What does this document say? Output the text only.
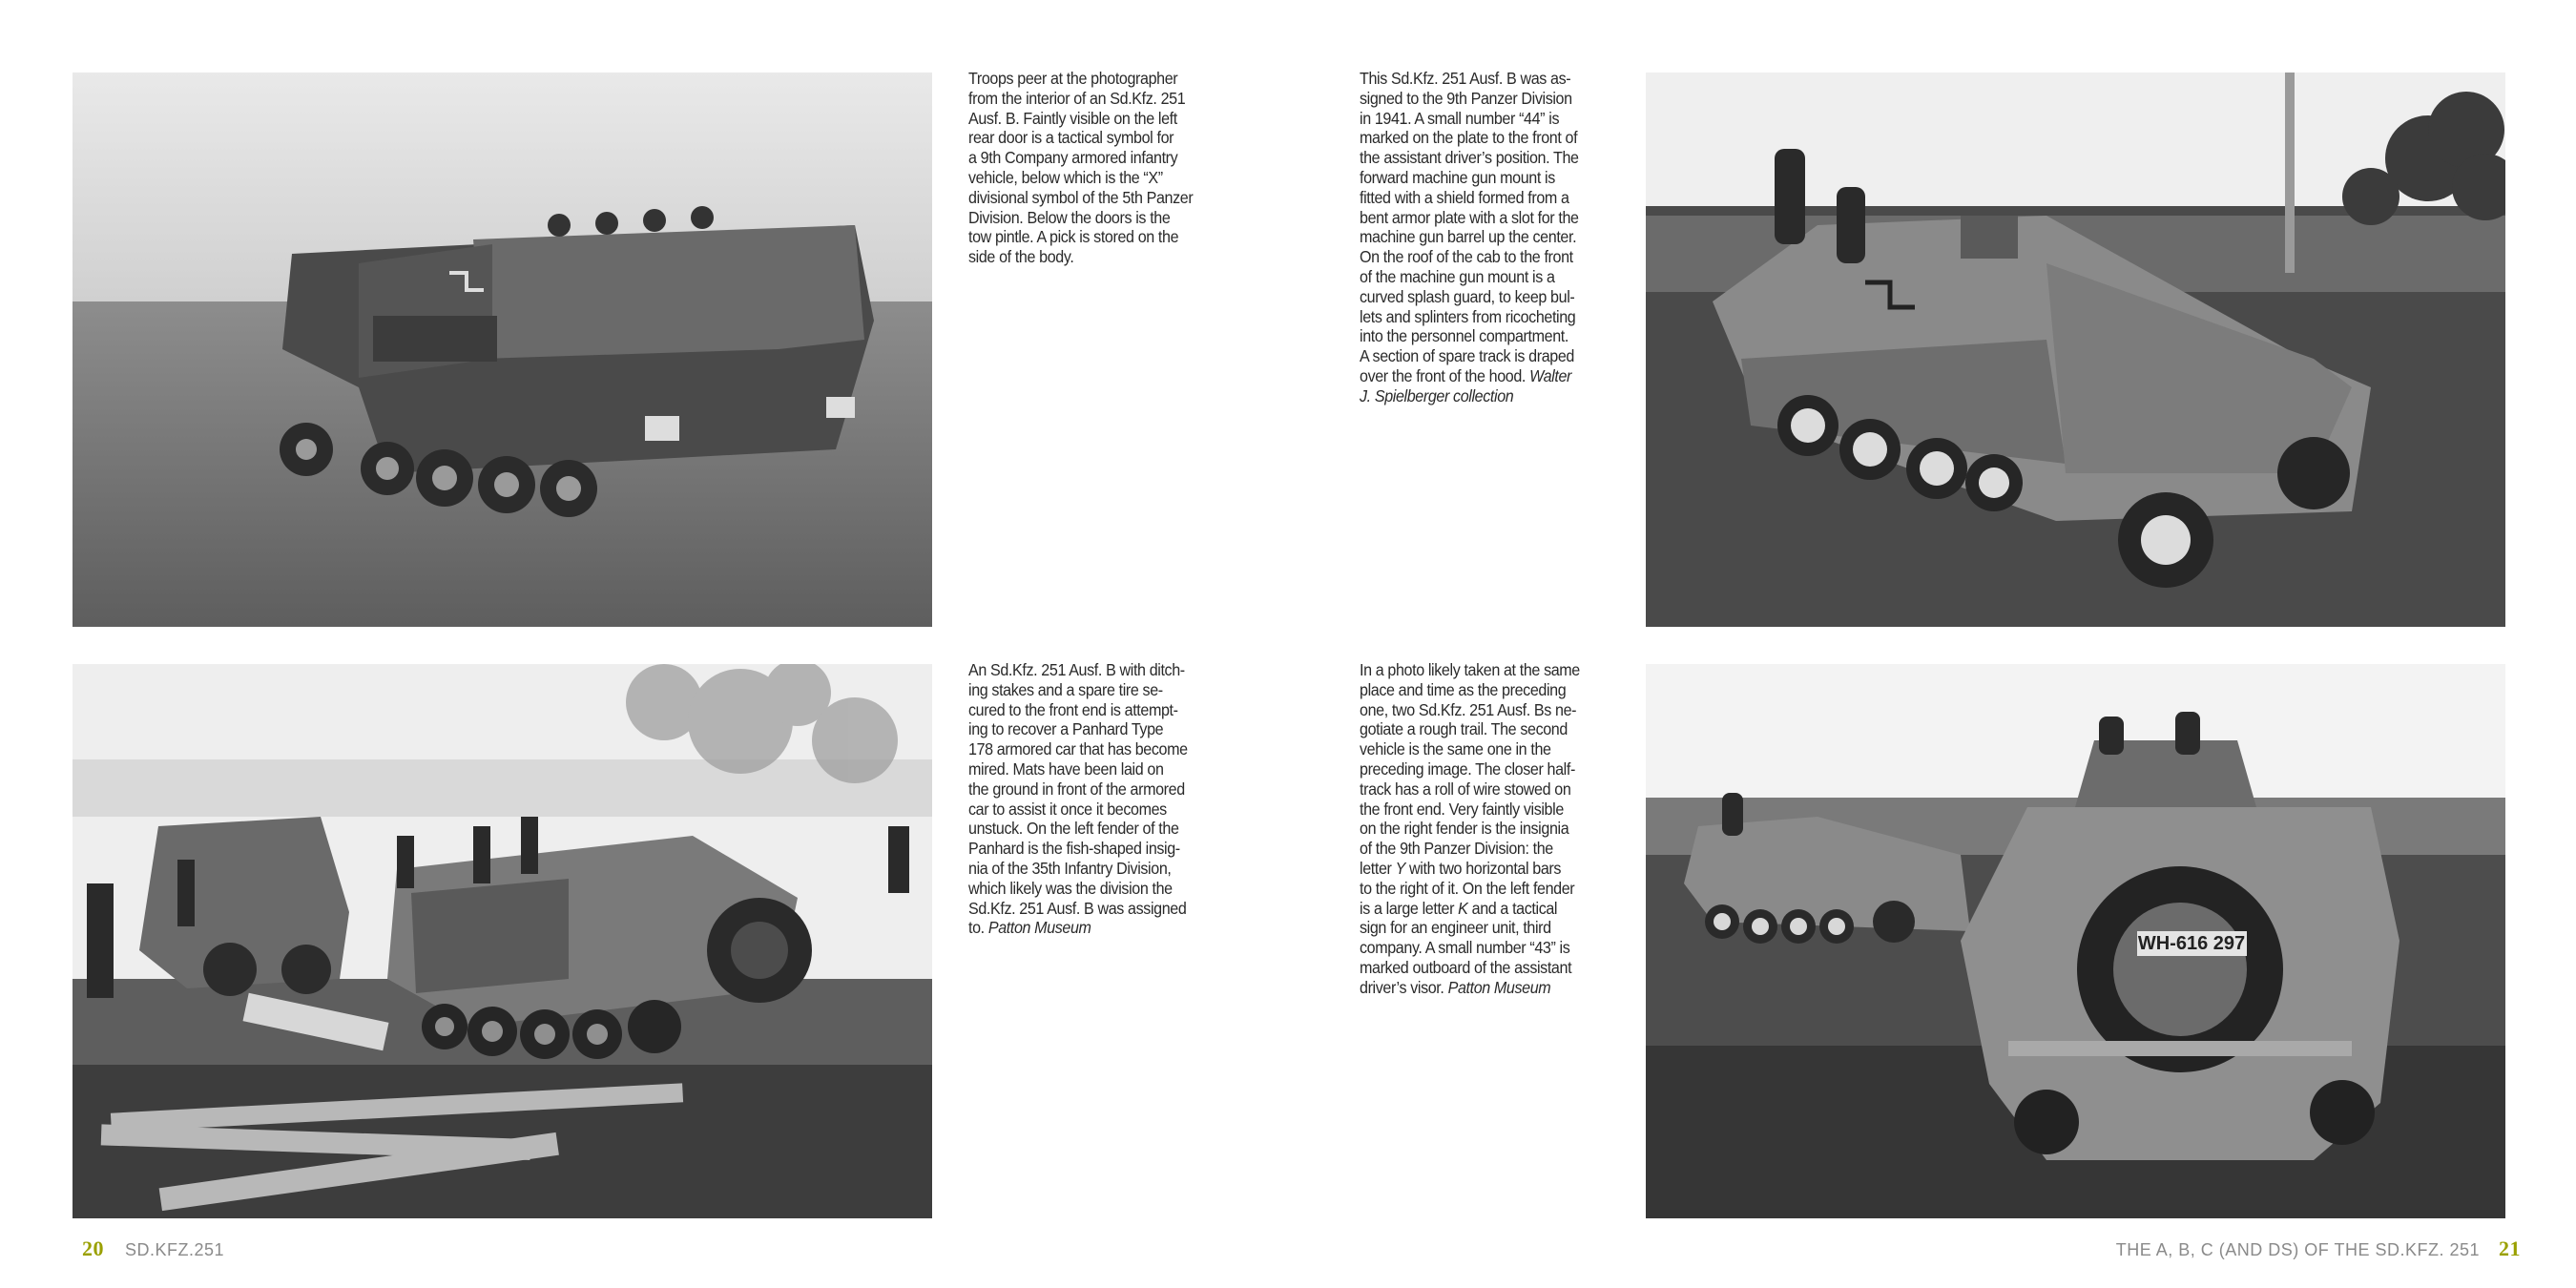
WH-616 297

Troops peer at the photographer

from the interior of an Sd.Kfz. 251

Ausf. B. Faintly visible on the left

rear door is a tactical symbol for

a 9th Company armored infantry

vehicle, below which is the “X”

divisional symbol of the 5th Panzer

Division. Below the doors is the

tow pintle. A pick is stored on the

side of the body.

An Sd.Kfz. 251 Ausf. B with ditch-

ing stakes and a spare tire se-

cured to the front end is attempt-

ing to recover a Panhard Type

178 armored car that has become

mired. Mats have been laid on

the ground in front of the armored

car to assist it once it becomes

unstuck. On the left fender of the

Panhard is the fish-shaped insig-

nia of the 35th Infantry Division,

which likely was the division the

Sd.Kfz. 251 Ausf. B was assigned

to. Patton Museum

This Sd.Kfz. 251 Ausf. B was as-

signed to the 9th Panzer Division

in 1941. A small number “44” is

marked on the plate to the front of

the assistant driver’s position. The

forward machine gun mount is

fitted with a shield formed from a

bent armor plate with a slot for the

machine gun barrel up the center.

On the roof of the cab to the front

of the machine gun mount is a

curved splash guard, to keep bul-

lets and splinters from ricocheting

into the personnel compartment.

A section of spare track is draped

over the front of the hood. Walter

J. Spielberger collection

In a photo likely taken at the same

place and time as the preceding

one, two Sd.Kfz. 251 Ausf. Bs ne-

gotiate a rough trail. The second

vehicle is the same one in the

preceding image. The closer half-

track has a roll of wire stowed on

the front end. Very faintly visible

on the right fender is the insignia

of the 9th Panzer Division: the

letter Y with two horizontal bars

to the right of it. On the left fender

is a large letter K and a tactical

sign for an engineer unit, third

company. A small number “43” is

marked outboard of the assistant

driver’s visor. Patton Museum

20 SD.KFZ.251	THE A, B, C (AND DS) OF THE SD.KFZ. 251 21
